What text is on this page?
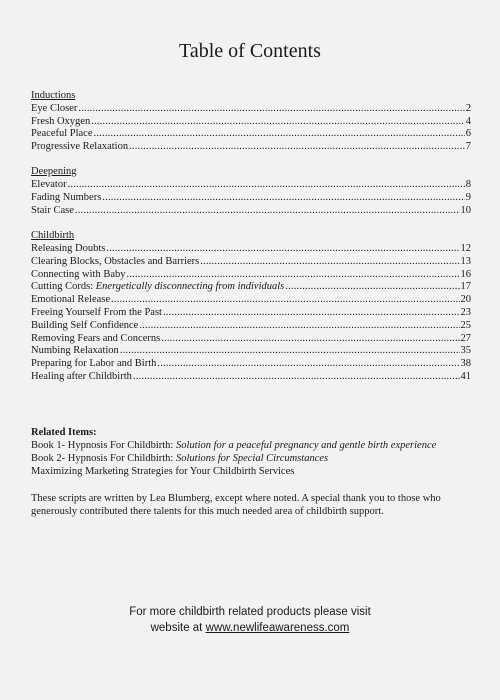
Table of Contents
Inductions
Eye Closer .....	2
Fresh Oxygen .....	4
Peaceful Place .....	6
Progressive Relaxation .....	7
Deepening
Elevator .....	8
Fading Numbers .....	9
Stair Case .....	10
Childbirth
Releasing Doubts .....	12
Clearing Blocks, Obstacles and Barriers .....	13
Connecting with Baby .....	16
Cutting Cords: Energetically disconnecting from individuals .....	17
Emotional Release .....	20
Freeing Yourself From the Past .....	23
Building Self Confidence .....	25
Removing Fears and Concerns .....	27
Numbing Relaxation .....	35
Preparing for Labor and Birth .....	38
Healing after Childbirth .....	41
Related Items:
Book 1- Hypnosis For Childbirth: Solution for a peaceful pregnancy and gentle birth experience
Book 2- Hypnosis For Childbirth: Solutions for Special Circumstances
Maximizing Marketing Strategies for Your Childbirth Services
These scripts are written by Lea Blumberg, except where noted. A special thank you to those who generously contributed there talents for this much needed area of childbirth support.
For more childbirth related products please visit
website at www.newlifeawareness.com
